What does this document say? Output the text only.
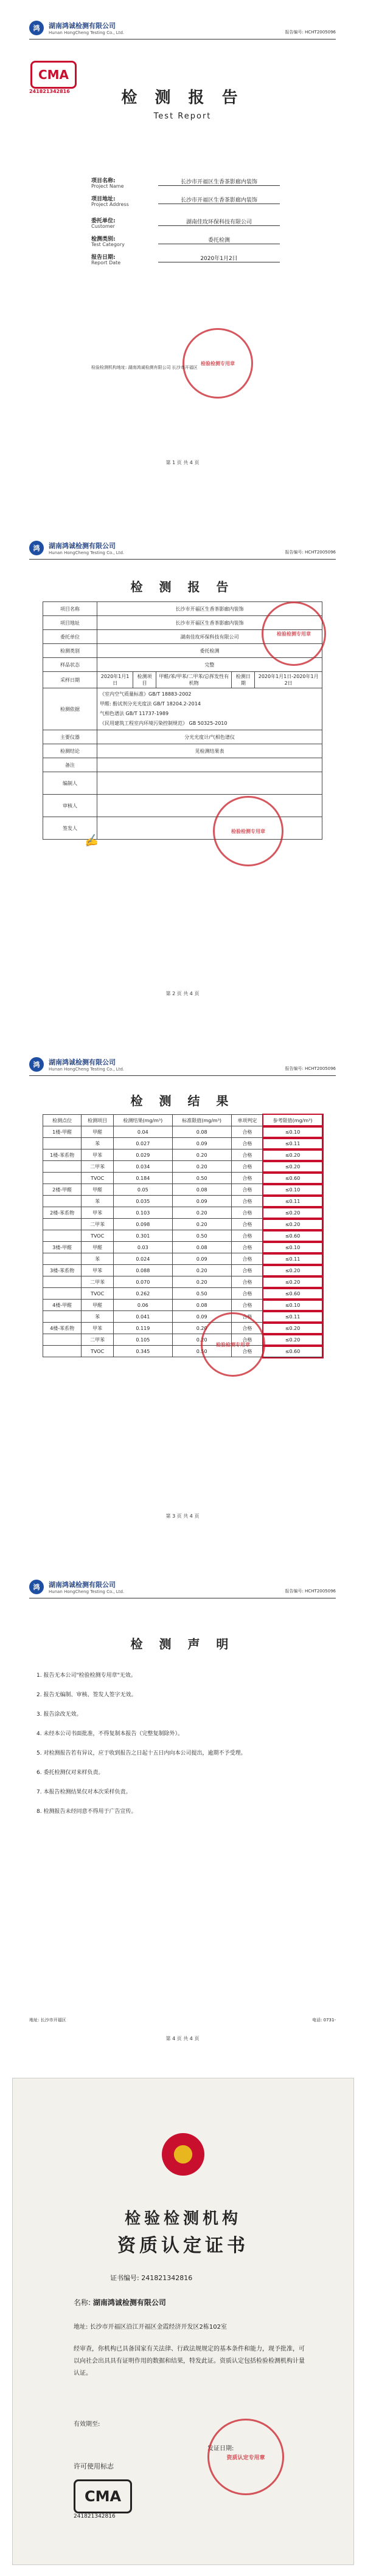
鸿	湖南鸿诚检测有限公司
Hunan HongCheng Testing Co., Ltd.	报告编号: HCHT2005096
CMA
241821342816	检 测 报 告
Test Report
项目名称:
Project Name
长沙市开福区生香茶影廊内装饰
项目地址:
Project Address
长沙市开福区生香茶影廊内装饰
委托单位:
Customer
湖南佳玫环保科技有限公司
检测类别:
Test Category
委托检测
报告日期:
Report Date
2020年1月2日
检验检测专用章
检验检测机构地址: 湖南鸿诚检测有限公司 长沙市开福区
第 1 页 共 4 页
鸿	湖南鸿诚检测有限公司
Hunan HongCheng Testing Co., Ltd.	报告编号: HCHT2005096
检 测 报 告
项目名称	长沙市开福区生香茶影廊内装饰				
项目地址	长沙市开福区生香茶影廊内装饰				
委托单位	湖南佳玫环保科技有限公司				
检测类别	委托检测				
样品状态	完整				
采样日期	2020年1月1日	检测项目	甲醛/苯/甲苯/二甲苯/总挥发性有机物	检测日期	2020年1月1日-2020年1月2日
检测依据	《室内空气质量标准》GB/T 18883-2002
甲醛: 酚试剂分光光度法 GB/T 18204.2-2014
气相色谱法 GB/T 11737-1989
《民用建筑工程室内环境污染控制规范》 GB 50325-2010				

主要仪器	分光光度计/气相色谱仪				
检测结论	见检测结果表				
备注					
编制人					
审核人					
签发人					
检验检测专用章
检验检测专用章
✍
第 2 页 共 4 页
鸿	湖南鸿诚检测有限公司
Hunan HongCheng Testing Co., Ltd.	报告编号: HCHT2005096
检 测 结 果
检测点位	检测项目	检测结果(mg/m³)	标准限值(mg/m³)	单项判定	参考限值(mg/m³)
1楼-甲醛	甲醛	0.04	0.08	合格	≤0.10
	苯	0.027	0.09	合格	≤0.11
1楼-苯系物	甲苯	0.029	0.20	合格	≤0.20
	二甲苯	0.034	0.20	合格	≤0.20
	TVOC	0.184	0.50	合格	≤0.60
2楼-甲醛	甲醛	0.05	0.08	合格	≤0.10
	苯	0.035	0.09	合格	≤0.11
2楼-苯系物	甲苯	0.103	0.20	合格	≤0.20
	二甲苯	0.098	0.20	合格	≤0.20
	TVOC	0.301	0.50	合格	≤0.60
3楼-甲醛	甲醛	0.03	0.08	合格	≤0.10
	苯	0.024	0.09	合格	≤0.11
3楼-苯系物	甲苯	0.088	0.20	合格	≤0.20
	二甲苯	0.070	0.20	合格	≤0.20
	TVOC	0.262	0.50	合格	≤0.60
4楼-甲醛	甲醛	0.06	0.08	合格	≤0.10
	苯	0.041	0.09	合格	≤0.11
4楼-苯系物	甲苯	0.119	0.20	合格	≤0.20
	二甲苯	0.105	0.20	合格	≤0.20
	TVOC	0.345	0.50	合格	≤0.60
检验检测专用章
第 3 页 共 4 页
鸿	湖南鸿诚检测有限公司
Hunan HongCheng Testing Co., Ltd.	报告编号: HCHT2005096
检 测 声 明

1. 报告无本公司"检验检测专用章"无效。

2. 报告无编制、审核、签发人签字无效。

3. 报告涂改无效。

4. 未经本公司书面批准，不得复制本报告（完整复制除外）。

5. 对检测报告若有异议，应于收到报告之日起十五日内向本公司提出，逾期不予受理。

6. 委托检测仅对来样负责。

7. 本报告检测结果仅对本次采样负责。

8. 检测报告未经同意不得用于广告宣传。

地址: 长沙市开福区	电话: 0731-
第 4 页 共 4 页
检验检测机构
资质认定证书
证书编号: 241821342816
名称: 湖南鸿诚检测有限公司
地址: 长沙市开福区沿江开福区金霞经济开发区2栋102室
经审查，你机构已具备国家有关法律、行政法规规定的基本条件和能力，现予批准，可以向社会出具具有证明作用的数据和结果，特发此证。资质认定包括检验检测机构计量认证。
有效期至:
许可使用标志
CMA
241821342816
发证日期:
资质认定专用章
